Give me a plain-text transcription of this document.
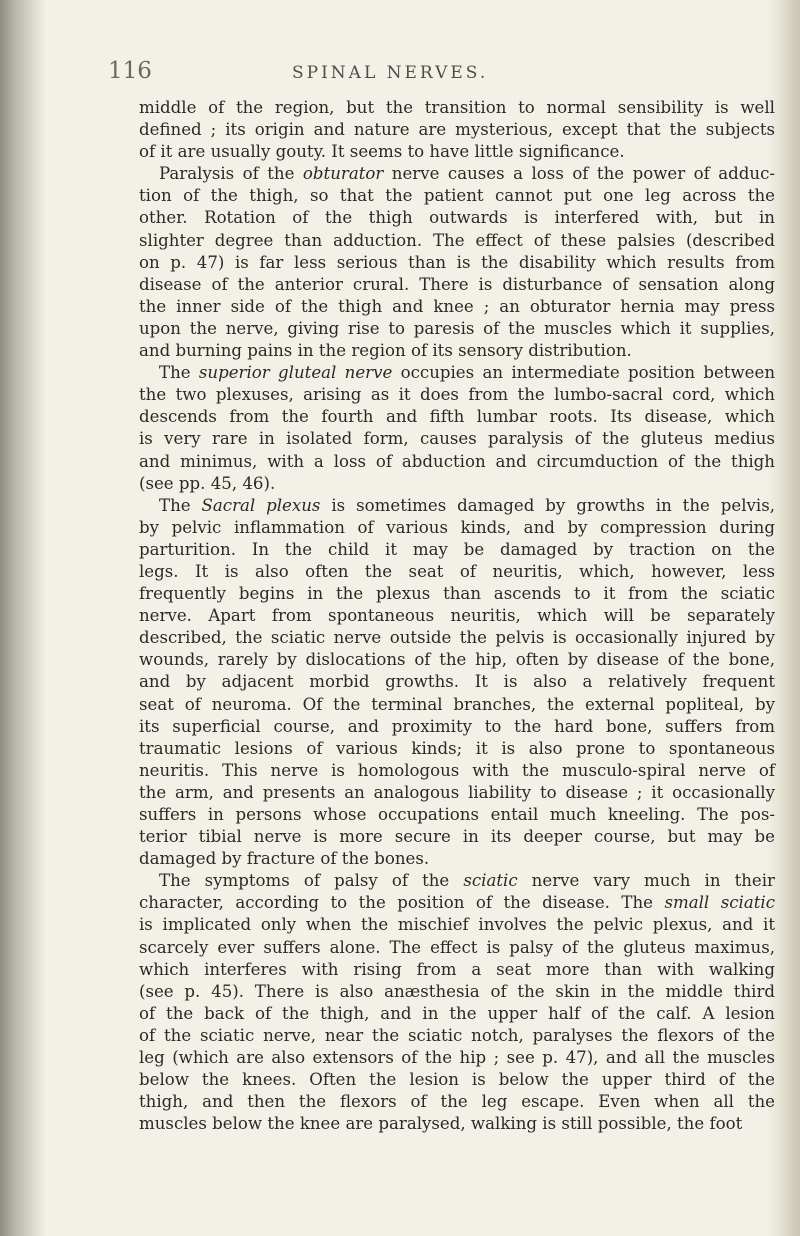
116	SPINAL NERVES.
middle of the region, but the transition to normal sensibility is well
defined ; its origin and nature are mysterious, except that the subjects
of it are usually gouty. It seems to have little significance.
Paralysis of the obturator nerve causes a loss of the power of adduc-
tion of the thigh, so that the patient cannot put one leg across the
other. Rotation of the thigh outwards is interfered with, but in
slighter degree than adduction. The effect of these palsies (described
on p. 47) is far less serious than is the disability which results from
disease of the anterior crural. There is disturbance of sensation along
the inner side of the thigh and knee ; an obturator hernia may press
upon the nerve, giving rise to paresis of the muscles which it supplies,
and burning pains in the region of its sensory distribution.
The superior gluteal nerve occupies an intermediate position between
the two plexuses, arising as it does from the lumbo-sacral cord, which
descends from the fourth and fifth lumbar roots. Its disease, which
is very rare in isolated form, causes paralysis of the gluteus medius
and minimus, with a loss of abduction and circumduction of the thigh
(see pp. 45, 46).
The Sacral plexus is sometimes damaged by growths in the pelvis,
by pelvic inflammation of various kinds, and by compression during
parturition. In the child it may be damaged by traction on the
legs. It is also often the seat of neuritis, which, however, less
frequently begins in the plexus than ascends to it from the sciatic
nerve. Apart from spontaneous neuritis, which will be separately
described, the sciatic nerve outside the pelvis is occasionally injured by
wounds, rarely by dislocations of the hip, often by disease of the bone,
and by adjacent morbid growths. It is also a relatively frequent
seat of neuroma. Of the terminal branches, the external popliteal, by
its superficial course, and proximity to the hard bone, suffers from
traumatic lesions of various kinds; it is also prone to spontaneous
neuritis. This nerve is homologous with the musculo-spiral nerve of
the arm, and presents an analogous liability to disease ; it occasionally
suffers in persons whose occupations entail much kneeling. The pos-
terior tibial nerve is more secure in its deeper course, but may be
damaged by fracture of the bones.
The symptoms of palsy of the sciatic nerve vary much in their
character, according to the position of the disease. The small sciatic
is implicated only when the mischief involves the pelvic plexus, and it
scarcely ever suffers alone. The effect is palsy of the gluteus maximus,
which interferes with rising from a seat more than with walking
(see p. 45). There is also anæsthesia of the skin in the middle third
of the back of the thigh, and in the upper half of the calf. A lesion
of the sciatic nerve, near the sciatic notch, paralyses the flexors of the
leg (which are also extensors of the hip ; see p. 47), and all the muscles
below the knees. Often the lesion is below the upper third of the
thigh, and then the flexors of the leg escape. Even when all the
muscles below the knee are paralysed, walking is still possible, the foot
